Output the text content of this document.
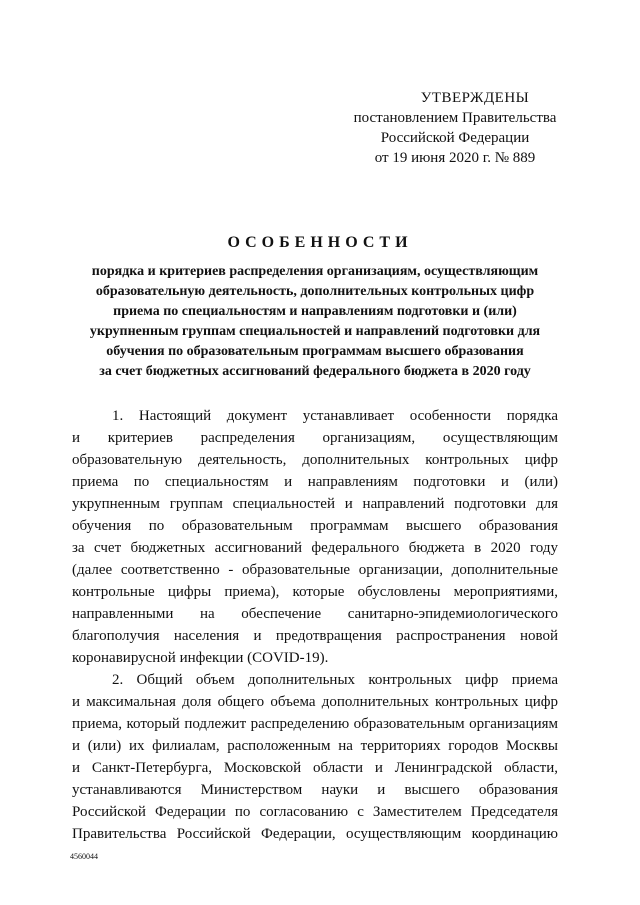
УТВЕРЖДЕНЫ
постановлением Правительства
Российской Федерации
от 19 июня 2020 г. № 889
ОСОБЕННОСТИ
порядка и критериев распределения организациям, осуществляющим
образовательную деятельность, дополнительных контрольных цифр
приема по специальностям и направлениям подготовки и (или)
укрупненным группам специальностей и направлений подготовки для
обучения по образовательным программам высшего образования
за счет бюджетных ассигнований федерального бюджета в 2020 году
1. Настоящий документ устанавливает особенности порядка
и критериев распределения организациям, осуществляющим
образовательную деятельность, дополнительных контрольных цифр
приема по специальностям и направлениям подготовки и (или)
укрупненным группам специальностей и направлений подготовки для
обучения по образовательным программам высшего образования
за счет бюджетных ассигнований федерального бюджета в 2020 году
(далее соответственно - образовательные организации, дополнительные
контрольные цифры приема), которые обусловлены мероприятиями,
направленными на обеспечение санитарно-эпидемиологического
благополучия населения и предотвращения распространения новой
коронавирусной инфекции (COVID-19).
2. Общий объем дополнительных контрольных цифр приема
и максимальная доля общего объема дополнительных контрольных цифр
приема, который подлежит распределению образовательным организациям
и (или) их филиалам, расположенным на территориях городов Москвы
и Санкт-Петербурга, Московской области и Ленинградской области,
устанавливаются Министерством науки и высшего образования
Российской Федерации по согласованию с Заместителем Председателя
Правительства Российской Федерации, осуществляющим координацию
4560044
